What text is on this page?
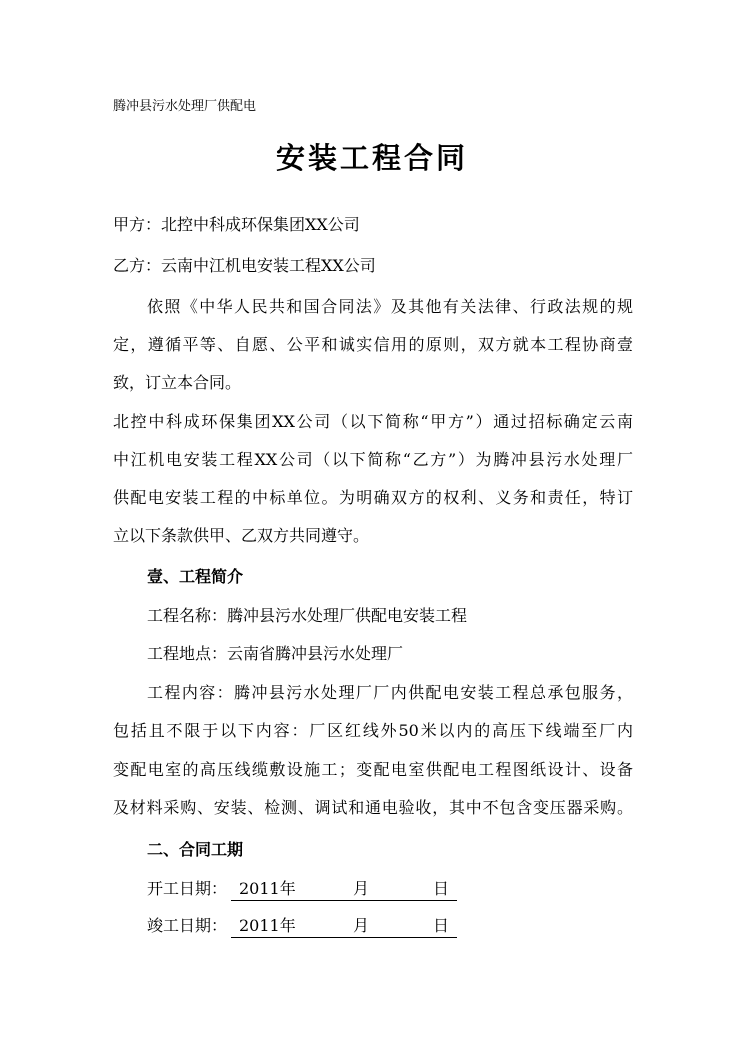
腾冲县污水处理厂供配电
安装工程合同
甲方：北控中科成环保集团XX公司
乙方：云南中江机电安装工程XX公司
依照《中华人民共和国合同法》及其他有关法律、行政法规的规
定，遵循平等、自愿、公平和诚实信用的原则，双方就本工程协商壹
致，订立本合同。
北控中科成环保集团XX公司（以下简称“甲方”）通过招标确定云南
中江机电安装工程XX公司（以下简称“乙方”）为腾冲县污水处理厂
供配电安装工程的中标单位。为明确双方的权利、义务和责任，特订
立以下条款供甲、乙双方共同遵守。
壹、工程简介
工程名称：腾冲县污水处理厂供配电安装工程
工程地点：云南省腾冲县污水处理厂
工程内容：腾冲县污水处理厂厂内供配电安装工程总承包服务，
包括且不限于以下内容：厂区红线外50米以内的高压下线端至厂内
变配电室的高压线缆敷设施工；变配电室供配电工程图纸设计、设备
及材料采购、安装、检测、调试和通电验收，其中不包含变压器采购。
二、合同工期
开工日期： 2011年	月	日
竣工日期： 2011年	月	日
